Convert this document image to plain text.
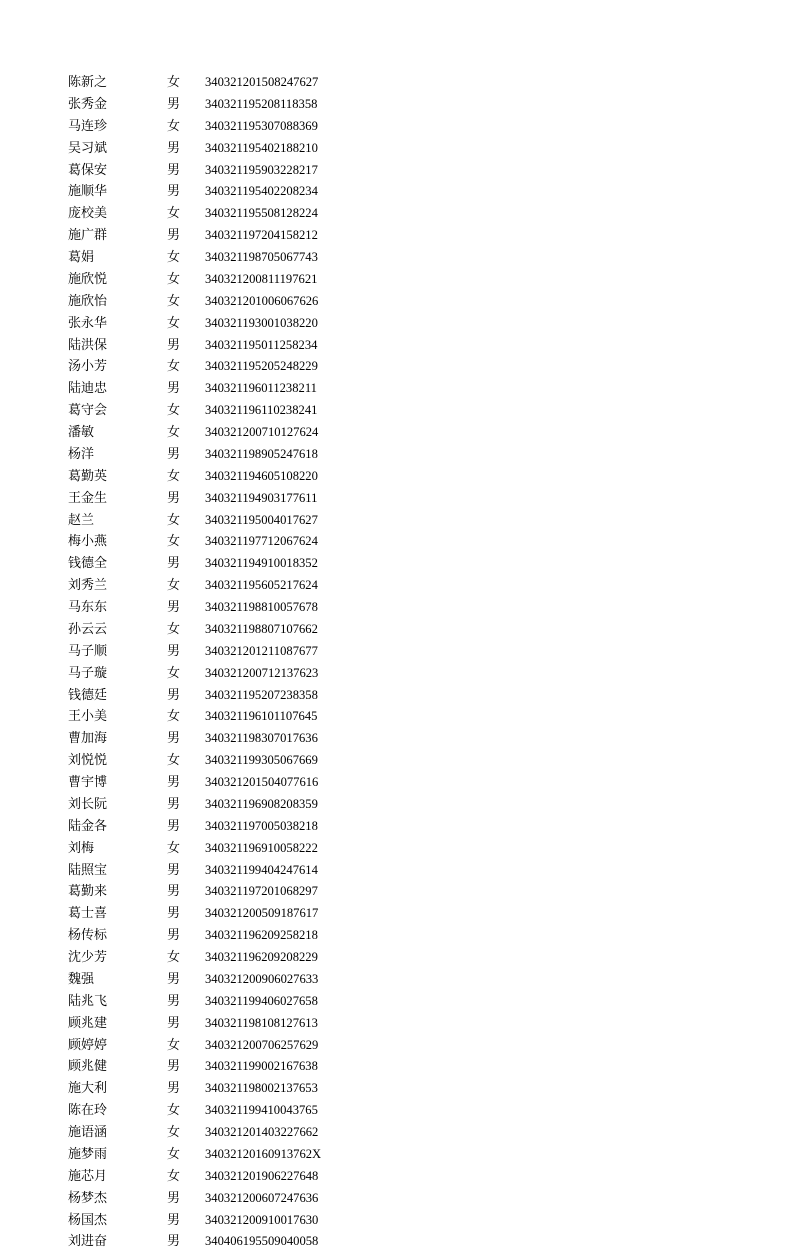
陈新之	女	340321201508247627
张秀金	男	340321195208118358
马连珍	女	340321195307088369
吴习斌	男	340321195402188210
葛保安	男	340321195903228217
施顺华	男	340321195402208234
庞校美	女	340321195508128224
施广群	男	340321197204158212
葛娟	女	340321198705067743
施欣悦	女	340321200811197621
施欣怡	女	340321201006067626
张永华	女	340321193001038220
陆洪保	男	340321195011258234
汤小芳	女	340321195205248229
陆迪忠	男	340321196011238211
葛守会	女	340321196110238241
潘敏	女	340321200710127624
杨洋	男	340321198905247618
葛勤英	女	340321194605108220
王金生	男	340321194903177611
赵兰	女	340321195004017627
梅小燕	女	340321197712067624
钱德全	男	340321194910018352
刘秀兰	女	340321195605217624
马东东	男	340321198810057678
孙云云	女	340321198807107662
马子顺	男	340321201211087677
马子璇	女	340321200712137623
钱德廷	男	340321195207238358
王小美	女	340321196101107645
曹加海	男	340321198307017636
刘悦悦	女	340321199305067669
曹宇博	男	340321201504077616
刘长阮	男	340321196908208359
陆金各	男	340321197005038218
刘梅	女	340321196910058222
陆照宝	男	340321199404247614
葛勤来	男	340321197201068297
葛士喜	男	340321200509187617
杨传标	男	340321196209258218
沈少芳	女	340321196209208229
魏强	男	340321200906027633
陆兆飞	男	340321199406027658
顾兆建	男	340321198108127613
顾婷婷	女	340321200706257629
顾兆健	男	340321199002167638
施大利	男	340321198002137653
陈在玲	女	340321199410043765
施语涵	女	340321201403227662
施梦雨	女	34032120160913762X
施芯月	女	340321201906227648
杨梦杰	男	340321200607247636
杨国杰	男	340321200910017630
刘进奋	男	340406195509040058
